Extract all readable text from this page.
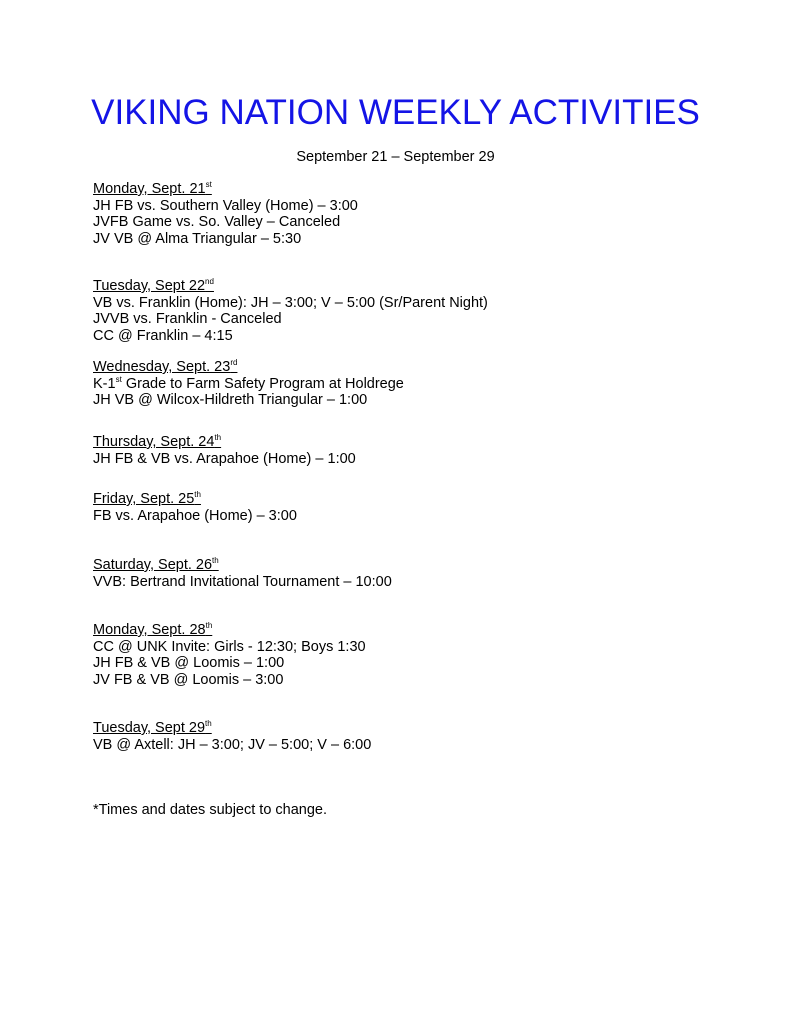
VIKING NATION WEEKLY ACTIVITIES
September 21 – September 29
Monday, Sept. 21st
JH FB vs. Southern Valley (Home) – 3:00
JVFB Game vs. So. Valley – Canceled
JV VB @ Alma Triangular – 5:30
Tuesday, Sept 22nd
VB vs. Franklin (Home): JH – 3:00; V – 5:00 (Sr/Parent Night)
JVVB vs. Franklin - Canceled
CC @ Franklin – 4:15
Wednesday, Sept. 23rd
K-1st Grade to Farm Safety Program at Holdrege
JH VB @ Wilcox-Hildreth Triangular – 1:00
Thursday, Sept. 24th
JH FB & VB vs. Arapahoe (Home) – 1:00
Friday, Sept. 25th
FB vs. Arapahoe (Home) – 3:00
Saturday, Sept. 26th
VVB: Bertrand Invitational Tournament – 10:00
Monday, Sept. 28th
CC @ UNK Invite: Girls - 12:30; Boys 1:30
JH FB & VB @ Loomis – 1:00
JV FB & VB @ Loomis – 3:00
Tuesday, Sept 29th
VB @ Axtell: JH – 3:00; JV – 5:00; V – 6:00
*Times and dates subject to change.
